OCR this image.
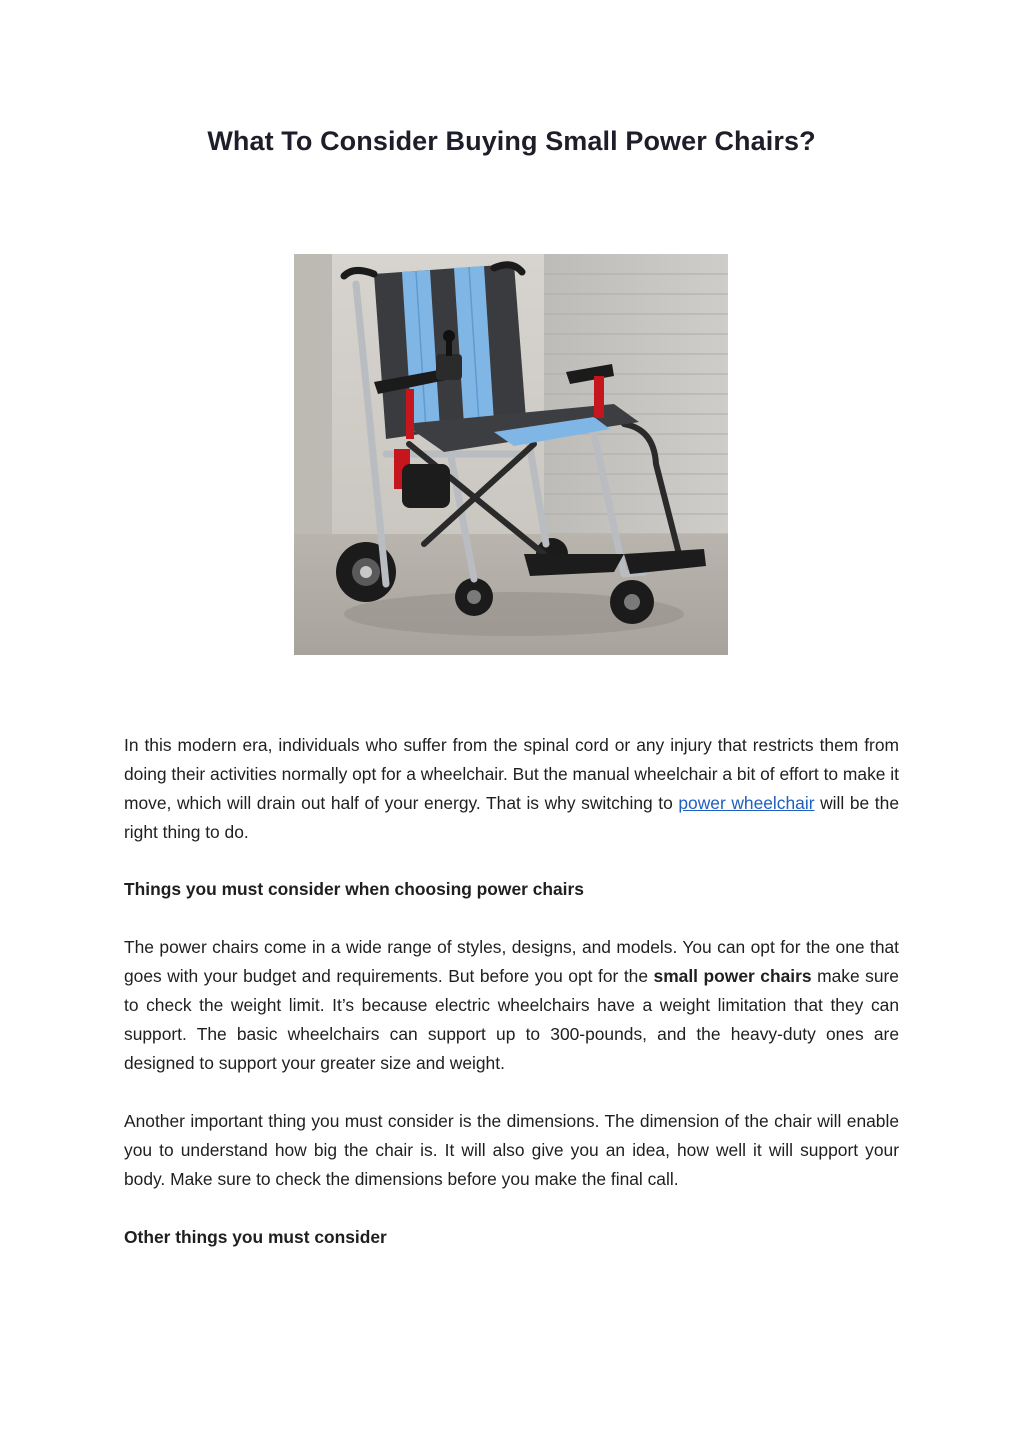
What To Consider Buying Small Power Chairs?

In this modern era, individuals who suffer from the spinal cord or any injury that restricts them from doing their activities normally opt for a wheelchair. But the manual wheelchair a bit of effort to make it move, which will drain out half of your energy. That is why switching to power wheelchair will be the right thing to do.

Things you must consider when choosing power chairs

The power chairs come in a wide range of styles, designs, and models. You can opt for the one that goes with your budget and requirements. But before you opt for the small power chairs make sure to check the weight limit. It’s because electric wheelchairs have a weight limitation that they can support. The basic wheelchairs can support up to 300-pounds, and the heavy-duty ones are designed to support your greater size and weight.

Another important thing you must consider is the dimensions. The dimension of the chair will enable you to understand how big the chair is. It will also give you an idea, how well it will support your body. Make sure to check the dimensions before you make the final call.

Other things you must consider
